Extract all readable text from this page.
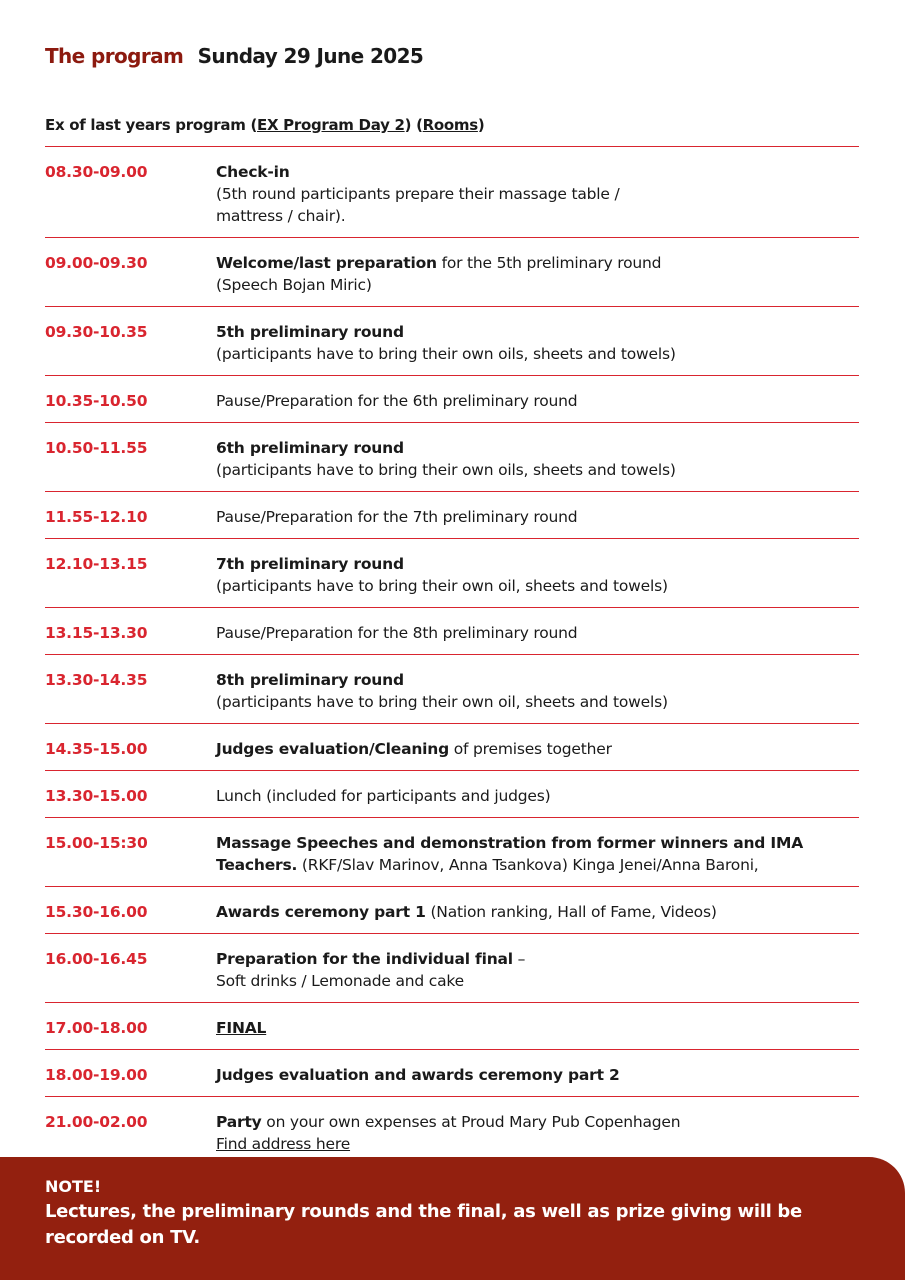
The program Sunday 29 June 2025
Ex of last years program (EX Program Day 2) (Rooms)
08.30-09.00	Check-in
(5th round participants prepare their massage table /
mattress / chair).
09.00-09.30	Welcome/last preparation for the 5th preliminary round
(Speech Bojan Miric)
09.30-10.35	5th preliminary round
(participants have to bring their own oils, sheets and towels)
10.35-10.50	Pause/Preparation for the 6th preliminary round
10.50-11.55	6th preliminary round
(participants have to bring their own oils, sheets and towels)
11.55-12.10	Pause/Preparation for the 7th preliminary round
12.10-13.15	7th preliminary round
(participants have to bring their own oil, sheets and towels)
13.15-13.30	Pause/Preparation for the 8th preliminary round
13.30-14.35	8th preliminary round
(participants have to bring their own oil, sheets and towels)
14.35-15.00	Judges evaluation/Cleaning of premises together
13.30-15.00	Lunch (included for participants and judges)
15.00-15:30	Massage Speeches and demonstration from former winners and IMA
Teachers. (RKF/Slav Marinov, Anna Tsankova) Kinga Jenei/Anna Baroni,
15.30-16.00	Awards ceremony part 1 (Nation ranking, Hall of Fame, Videos)
16.00-16.45	Preparation for the individual final –
Soft drinks / Lemonade and cake
17.00-18.00	FINAL
18.00-19.00	Judges evaluation and awards ceremony part 2
21.00-02.00	Party on your own expenses at Proud Mary Pub Copenhagen
Find address here
NOTE!
Lectures, the preliminary rounds and the final, as well as prize giving will be
recorded on TV.
